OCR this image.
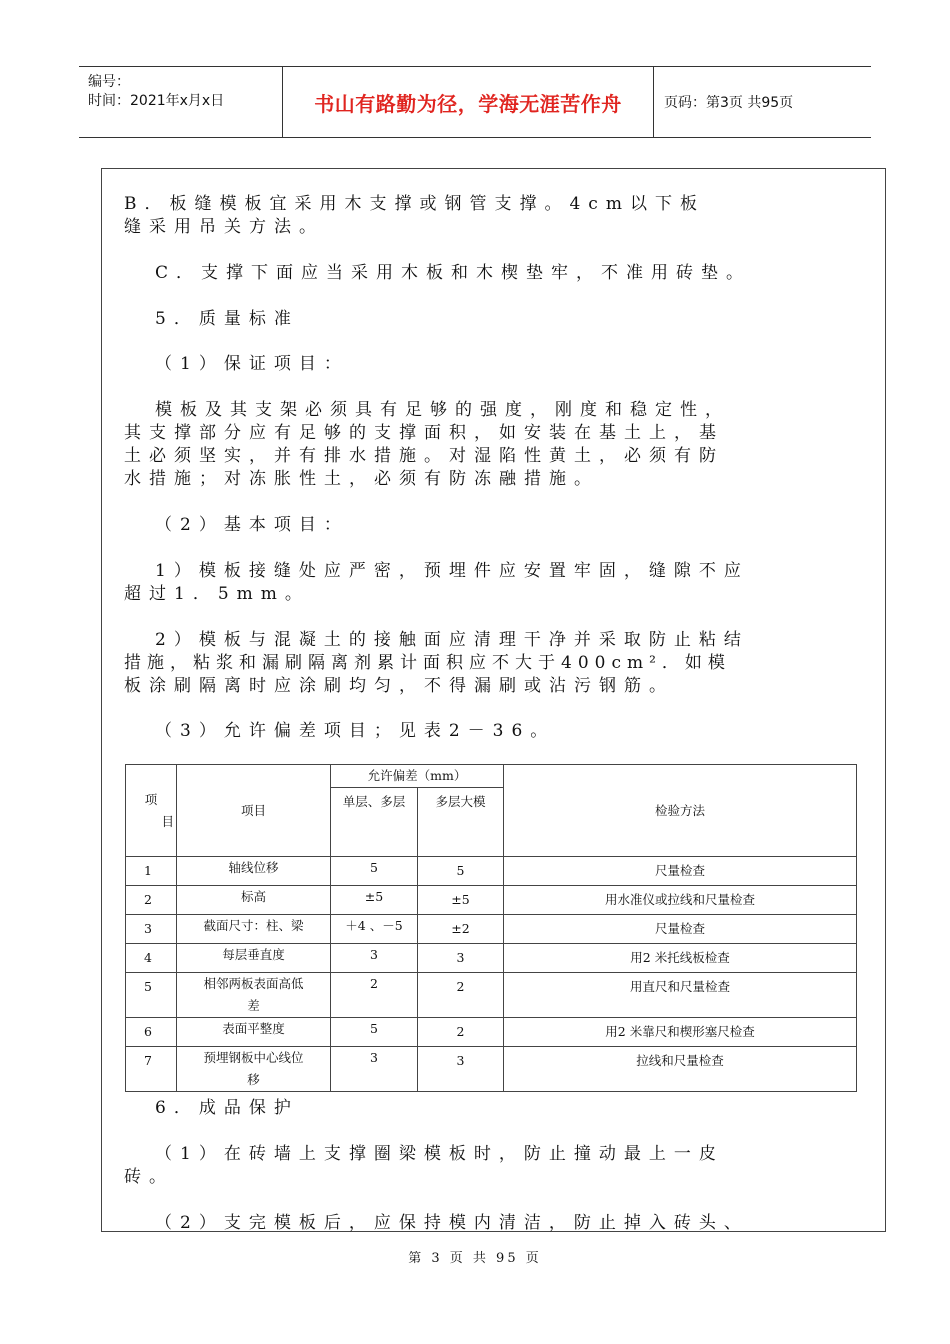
编号：
时间：2021年x月x日	书山有路勤为径，学海无涯苦作舟	页码：第3页 共95页

B．板缝模板宜采用木支撑或钢管支撑。4cm以下板

缝采用吊关方法。

C．支撑下面应当采用木板和木楔垫牢，不准用砖垫。

5．质量标准

（1）保证项目：

模板及其支架必须具有足够的强度，刚度和稳定性，

其支撑部分应有足够的支撑面积，如安装在基土上，基

土必须坚实，并有排水措施。对湿陷性黄土，必须有防

水措施；对冻胀性土，必须有防冻融措施。

（2）基本项目：

1）模板接缝处应严密，预埋件应安置牢固，缝隙不应

超过1．5mm。

2）模板与混凝土的接触面应清理干净并采取防止粘结

措施，粘浆和漏刷隔离剂累计面积应不大于400cm²．如模

板涂刷隔离时应涂刷均匀，不得漏刷或沾污钢筋。

（3）允许偏差项目；见表2－36。

项
目	项目	允许偏差（mm）		检验方法
		单层、多层	多层大模	
1	轴线位移	5	5	尺量检查
2	标高	±5	±5	用水准仪或拉线和尺量检查
3	截面尺寸：柱、梁	＋4 、－5	±2	尺量检查
4	每层垂直度	3	3	用2 米托线板检查
5	相邻两板表面高低差	2	2	用直尺和尺量检查
6	表面平整度	5	2	用2 米靠尺和楔形塞尺检查
7	预埋钢板中心线位移	3	3	拉线和尺量检查

6．成品保护

（1）在砖墙上支撑圈梁模板时，防止撞动最上一皮

砖。

（2）支完模板后，应保持模内清洁，防止掉入砖头、

第 3 页 共 95 页
